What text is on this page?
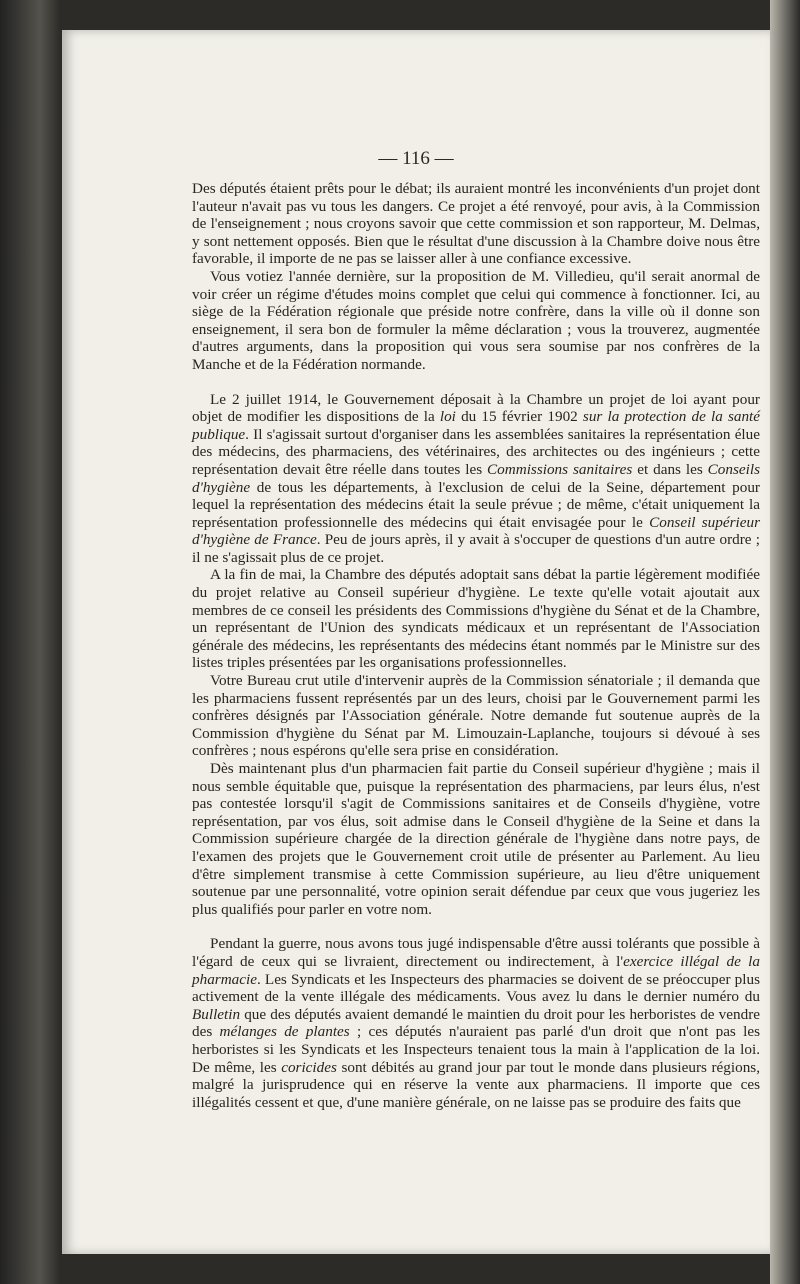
— 116 —

Des députés étaient prêts pour le débat; ils auraient montré les inconvénients d'un projet dont l'auteur n'avait pas vu tous les dangers. Ce projet a été renvoyé, pour avis, à la Commission de l'enseignement ; nous croyons savoir que cette commission et son rapporteur, M. Delmas, y sont nettement opposés. Bien que le résultat d'une discussion à la Chambre doive nous être favorable, il importe de ne pas se laisser aller à une confiance excessive.

Vous votiez l'année dernière, sur la proposition de M. Villedieu, qu'il serait anormal de voir créer un régime d'études moins complet que celui qui commence à fonctionner. Ici, au siège de la Fédération régionale que préside notre confrère, dans la ville où il donne son enseignement, il sera bon de formuler la même déclaration ; vous la trouverez, augmentée d'autres arguments, dans la proposition qui vous sera soumise par nos confrères de la Manche et de la Fédération normande.

Le 2 juillet 1914, le Gouvernement déposait à la Chambre un projet de loi ayant pour objet de modifier les dispositions de la loi du 15 février 1902 sur la protection de la santé publique. Il s'agissait surtout d'organiser dans les assemblées sanitaires la représentation élue des médecins, des pharmaciens, des vétérinaires, des architectes ou des ingénieurs ; cette représentation devait être réelle dans toutes les Commissions sanitaires et dans les Conseils d'hygiène de tous les départements, à l'exclusion de celui de la Seine, département pour lequel la représentation des médecins était la seule prévue ; de même, c'était uniquement la représentation professionnelle des médecins qui était envisagée pour le Conseil supérieur d'hygiène de France. Peu de jours après, il y avait à s'occuper de questions d'un autre ordre ; il ne s'agissait plus de ce projet.

A la fin de mai, la Chambre des députés adoptait sans débat la partie légèrement modifiée du projet relative au Conseil supérieur d'hygiène. Le texte qu'elle votait ajoutait aux membres de ce conseil les présidents des Commissions d'hygiène du Sénat et de la Chambre, un représentant de l'Union des syndicats médicaux et un représentant de l'Association générale des médecins, les représentants des médecins étant nommés par le Ministre sur des listes triples présentées par les organisations professionnelles.

Votre Bureau crut utile d'intervenir auprès de la Commission sénatoriale ; il demanda que les pharmaciens fussent représentés par un des leurs, choisi par le Gouvernement parmi les confrères désignés par l'Association générale. Notre demande fut soutenue auprès de la Commission d'hygiène du Sénat par M. Limouzain-Laplanche, toujours si dévoué à ses confrères ; nous espérons qu'elle sera prise en considération.

Dès maintenant plus d'un pharmacien fait partie du Conseil supérieur d'hygiène ; mais il nous semble équitable que, puisque la représentation des pharmaciens, par leurs élus, n'est pas contestée lorsqu'il s'agit de Commissions sanitaires et de Conseils d'hygiène, votre représentation, par vos élus, soit admise dans le Conseil d'hygiène de la Seine et dans la Commission supérieure chargée de la direction générale de l'hygiène dans notre pays, de l'examen des projets que le Gouvernement croit utile de présenter au Parlement. Au lieu d'être simplement transmise à cette Commission supérieure, au lieu d'être uniquement soutenue par une personnalité, votre opinion serait défendue par ceux que vous jugeriez les plus qualifiés pour parler en votre nom.

Pendant la guerre, nous avons tous jugé indispensable d'être aussi tolérants que possible à l'égard de ceux qui se livraient, directement ou indirectement, à l'exercice illégal de la pharmacie. Les Syndicats et les Inspecteurs des pharmacies se doivent de se préoccuper plus activement de la vente illégale des médicaments. Vous avez lu dans le dernier numéro du Bulletin que des députés avaient demandé le maintien du droit pour les herboristes de vendre des mélanges de plantes ; ces députés n'auraient pas parlé d'un droit que n'ont pas les herboristes si les Syndicats et les Inspecteurs tenaient tous la main à l'application de la loi. De même, les coricides sont débités au grand jour par tout le monde dans plusieurs régions, malgré la jurisprudence qui en réserve la vente aux pharmaciens. Il importe que ces illégalités cessent et que, d'une manière générale, on ne laisse pas se produire des faits que
